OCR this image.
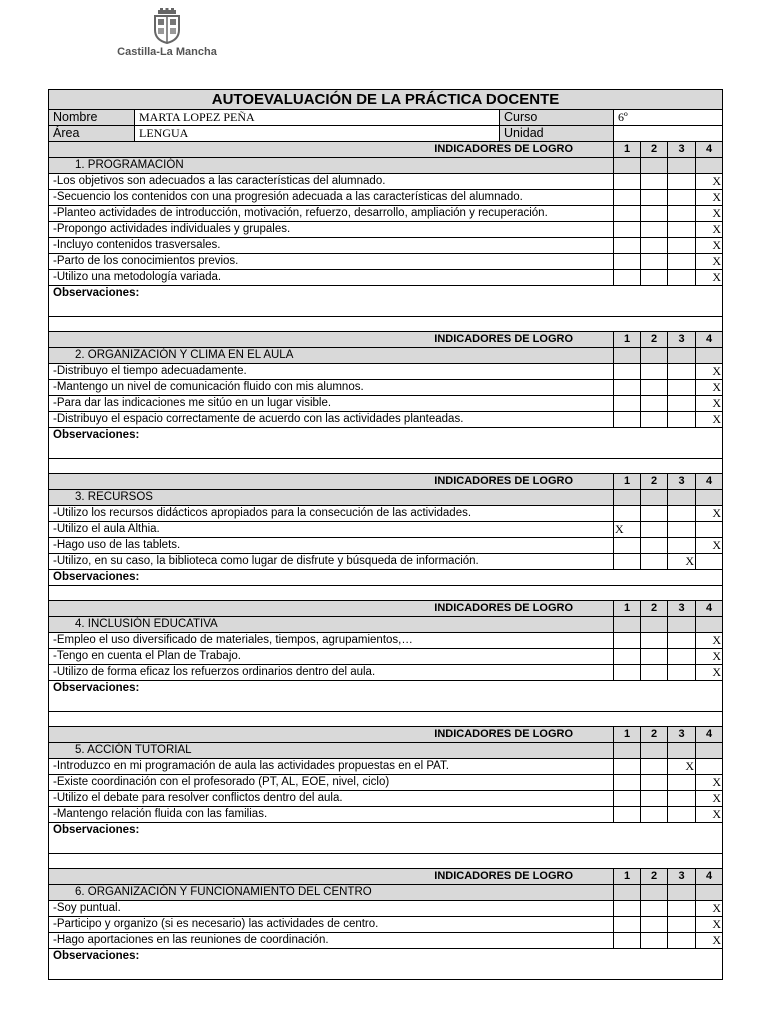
Castilla-La Mancha
AUTOEVALUACIÓN DE LA PRÁCTICA DOCENTE						
Nombre	MARTA LOPEZ PEÑA	Curso	6º			
Área	LENGUA	Unidad				
INDICADORES DE LOGRO			1	2	3	4
1. PROGRAMACIÓN						
-Los objetivos son adecuados a las características del alumnado.						X
-Secuencio los contenidos con una progresión adecuada a las características del alumnado.						X
-Planteo actividades de introducción, motivación, refuerzo, desarrollo, ampliación y recuperación.						X
-Propongo actividades individuales y grupales.						X
-Incluyo contenidos trasversales.						X
-Parto de los conocimientos previos.						X
-Utilizo una metodología variada.						X
Observaciones:						

INDICADORES DE LOGRO			1	2	3	4
2. ORGANIZACIÓN Y CLIMA EN EL AULA						
-Distribuyo el tiempo adecuadamente.						X
-Mantengo un nivel de comunicación fluido con mis alumnos.						X
-Para dar las indicaciones me sitúo en un lugar visible.						X
-Distribuyo el espacio correctamente de acuerdo con las actividades planteadas.						X
Observaciones:						

INDICADORES DE LOGRO			1	2	3	4
3. RECURSOS						
-Utilizo los recursos didácticos apropiados para la consecución de las actividades.						X
-Utilizo el aula Althia.			X			
-Hago uso de las tablets.						X
-Utilizo, en su caso, la biblioteca como lugar de disfrute y búsqueda de información.					X	
Observaciones:						

INDICADORES DE LOGRO			1	2	3	4
4. INCLUSIÓN EDUCATIVA						
-Empleo el uso diversificado de materiales, tiempos, agrupamientos,…						X
-Tengo en cuenta el Plan de Trabajo.						X
-Utilizo de forma eficaz los refuerzos ordinarios dentro del aula.						X
Observaciones:						

INDICADORES DE LOGRO			1	2	3	4
5. ACCIÓN TUTORIAL						
-Introduzco en mi programación de aula las actividades propuestas en el PAT.					X	
-Existe coordinación con el profesorado (PT, AL, EOE, nivel, ciclo)						X
-Utilizo el debate para resolver conflictos dentro del aula.						X
-Mantengo relación fluida con las familias.						X
Observaciones:						

INDICADORES DE LOGRO			1	2	3	4
6. ORGANIZACIÓN Y FUNCIONAMIENTO DEL CENTRO						
-Soy puntual.						X
-Participo y organizo (si es necesario) las actividades de centro.						X
-Hago aportaciones en las reuniones de coordinación.						X
Observaciones:						
